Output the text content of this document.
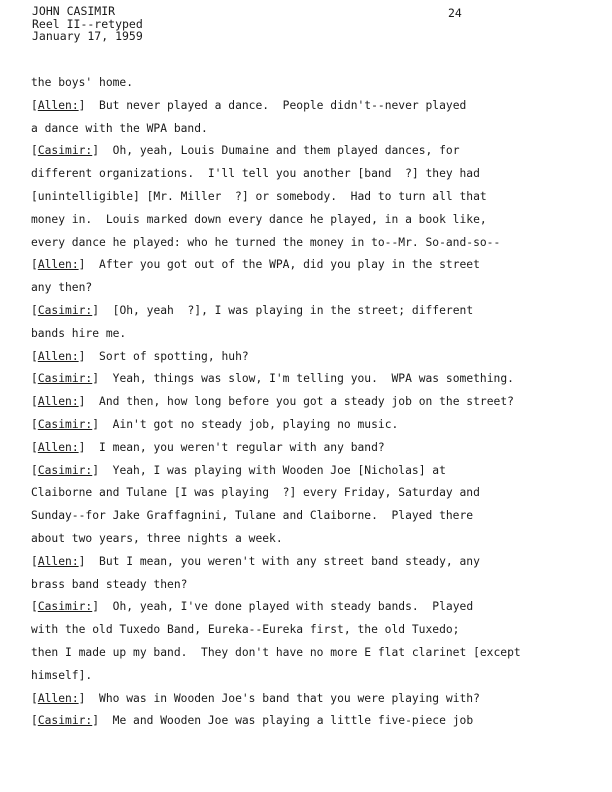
JOHN CASIMIR
Reel II--retyped
January 17, 1959
24
the boys' home.
[Allen:]  But never played a dance.  People didn't--never played
a dance with the WPA band.
[Casimir:]  Oh, yeah, Louis Dumaine and them played dances, for
different organizations.  I'll tell you another [band  ?] they had
[unintelligible] [Mr. Miller  ?] or somebody.  Had to turn all that
money in.  Louis marked down every dance he played, in a book like,
every dance he played: who he turned the money in to--Mr. So-and-so--
[Allen:]  After you got out of the WPA, did you play in the street
any then?
[Casimir:]  [Oh, yeah  ?], I was playing in the street; different
bands hire me.
[Allen:]  Sort of spotting, huh?
[Casimir:]  Yeah, things was slow, I'm telling you.  WPA was something.
[Allen:]  And then, how long before you got a steady job on the street?
[Casimir:]  Ain't got no steady job, playing no music.
[Allen:]  I mean, you weren't regular with any band?
[Casimir:]  Yeah, I was playing with Wooden Joe [Nicholas] at
Claiborne and Tulane [I was playing  ?] every Friday, Saturday and
Sunday--for Jake Graffagnini, Tulane and Claiborne.  Played there
about two years, three nights a week.
[Allen:]  But I mean, you weren't with any street band steady, any
brass band steady then?
[Casimir:]  Oh, yeah, I've done played with steady bands.  Played
with the old Tuxedo Band, Eureka--Eureka first, the old Tuxedo;
then I made up my band.  They don't have no more E flat clarinet [except
himself].
[Allen:]  Who was in Wooden Joe's band that you were playing with?
[Casimir:]  Me and Wooden Joe was playing a little five-piece job
